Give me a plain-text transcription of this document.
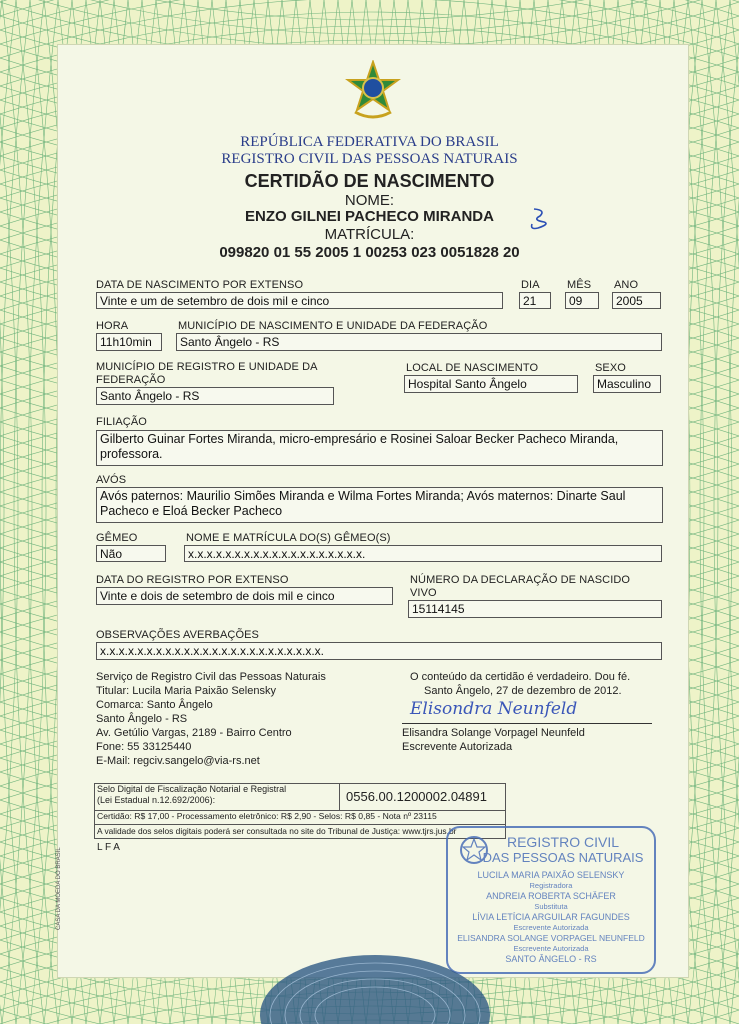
REPÚBLICA FEDERATIVA DO BRASIL
REGISTRO CIVIL DAS PESSOAS NATURAIS
CERTIDÃO DE NASCIMENTO
NOME:
ENZO GILNEI PACHECO MIRANDA
MATRÍCULA:
099820 01 55 2005 1 00253 023 0051828 20
DATA DE NASCIMENTO POR EXTENSO
Vinte e um de setembro de dois mil e cinco
DIA
21
MÊS
09
ANO
2005
HORA
11h10min
MUNICÍPIO DE NASCIMENTO E UNIDADE DA FEDERAÇÃO
Santo Ângelo - RS
MUNICÍPIO DE REGISTRO E UNIDADE DA
FEDERAÇÃO
Santo Ângelo - RS
LOCAL DE NASCIMENTO
Hospital Santo Ângelo
SEXO
Masculino
FILIAÇÃO
Gilberto Guinar Fortes Miranda, micro-empresário e Rosinei Saloar Becker Pacheco Miranda, professora.
AVÓS
Avós paternos: Maurilio Simões Miranda e Wilma Fortes Miranda; Avós maternos: Dinarte Saul Pacheco e Eloá Becker Pacheco
GÊMEO
Não
NOME E MATRÍCULA DO(S) GÊMEO(S)
x.x.x.x.x.x.x.x.x.x.x.x.x.x.x.x.x.x.x.
DATA DO REGISTRO POR EXTENSO
Vinte e dois de setembro de dois mil e cinco
NÚMERO DA DECLARAÇÃO DE NASCIDO
VIVO
15114145
OBSERVAÇÕES AVERBAÇÕES
x.x.x.x.x.x.x.x.x.x.x.x.x.x.x.x.x.x.x.x.x.x.x.x.
Serviço de Registro Civil das Pessoas Naturais
Titular: Lucila Maria Paixão Selensky
Comarca: Santo Ângelo
Santo Ângelo - RS
Av. Getúlio Vargas, 2189 - Bairro Centro
Fone: 55 33125440
E-Mail: regciv.sangelo@via-rs.net
O conteúdo da certidão é verdadeiro. Dou fé.
Santo Ângelo, 27 de dezembro de 2012.
Elisondra Neunfeld
Elisandra Solange Vorpagel Neunfeld
Escrevente Autorizada
Selo Digital de Fiscalização Notarial e Registral
(Lei Estadual n.12.692/2006):	0556.00.1200002.04891
Certidão: R$ 17,00 - Processamento eletrônico: R$ 2,90 - Selos: R$ 0,85 - Nota nº 23115
A validade dos selos digitais poderá ser consultada no site do Tribunal de Justiça: www.tjrs.jus.br
L F A
CASA DA MOEDA DO BRASIL
REGISTRO CIVIL
DAS PESSOAS NATURAIS
LUCILA MARIA PAIXÃO SELENSKY
Registradora
ANDREIA ROBERTA SCHÄFER
Substituta
LÍVIA LETÍCIA ARGUILAR FAGUNDES
Escrevente Autorizada
ELISANDRA SOLANGE VORPAGEL NEUNFELD
Escrevente Autorizada
SANTO ÂNGELO - RS
